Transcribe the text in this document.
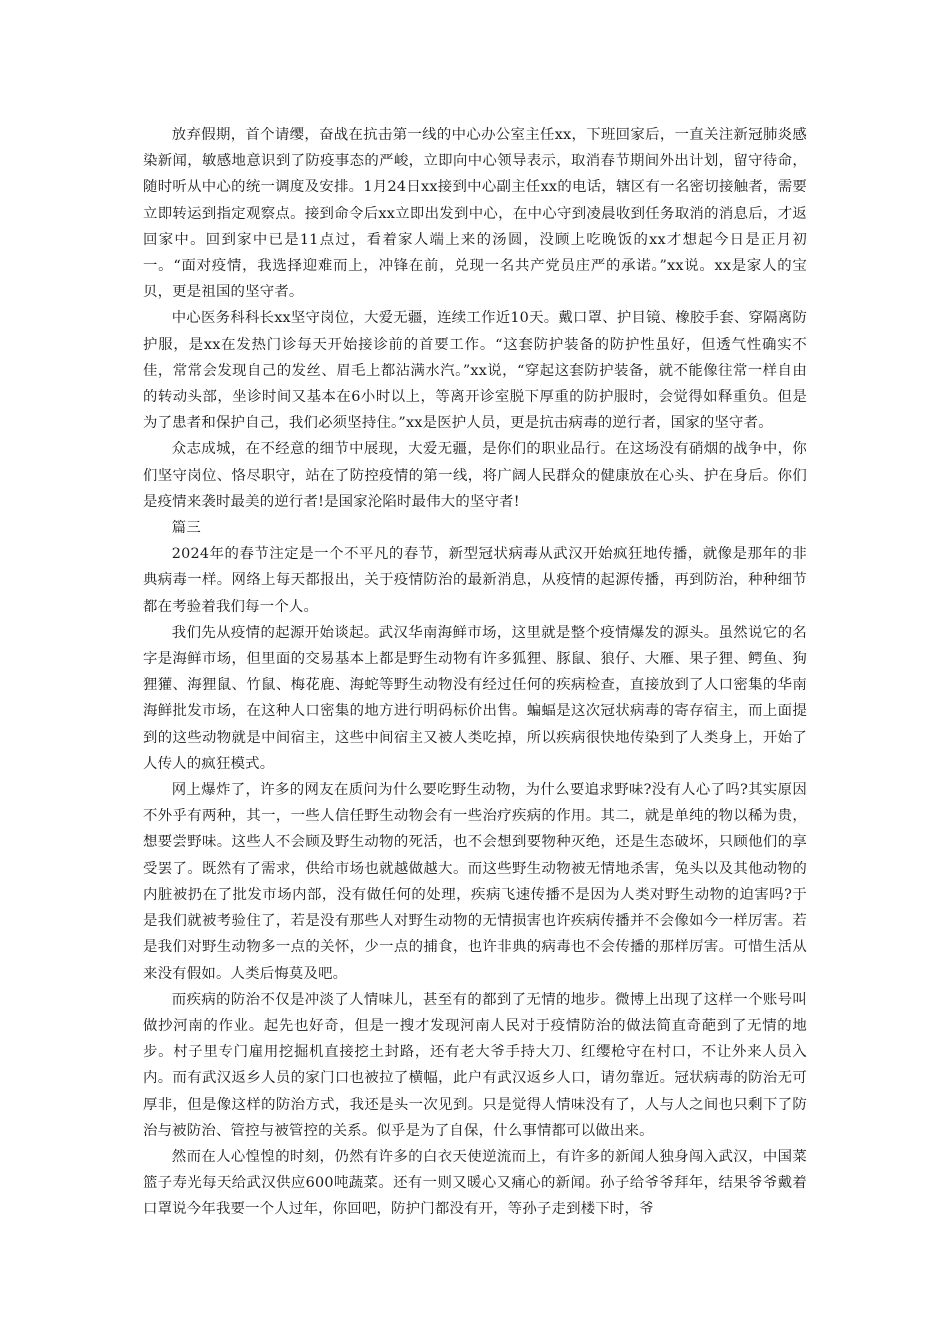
放弃假期，首个请缨，奋战在抗击第一线的中心办公室主任xx，下班回家后，一直关注新冠肺炎感染新闻，敏感地意识到了防疫事态的严峻，立即向中心领导表示，取消春节期间外出计划，留守待命，随时听从中心的统一调度及安排。1月24日xx接到中心副主任xx的电话，辖区有一名密切接触者，需要立即转运到指定观察点。接到命令后xx立即出发到中心，在中心守到凌晨收到任务取消的消息后，才返回家中。回到家中已是11点过，看着家人端上来的汤圆，没顾上吃晚饭的xx才想起今日是正月初一。“面对疫情，我选择迎难而上，冲锋在前，兑现一名共产党员庄严的承诺。”xx说。xx是家人的宝贝，更是祖国的坚守者。

中心医务科科长xx坚守岗位，大爱无疆，连续工作近10天。戴口罩、护目镜、橡胶手套、穿隔离防护服，是xx在发热门诊每天开始接诊前的首要工作。“这套防护装备的防护性虽好，但透气性确实不佳，常常会发现自己的发丝、眉毛上都沾满水汽。”xx说，“穿起这套防护装备，就不能像往常一样自由的转动头部，坐诊时间又基本在6小时以上，等离开诊室脱下厚重的防护服时，会觉得如释重负。但是为了患者和保护自己，我们必须坚持住。”xx是医护人员，更是抗击病毒的逆行者，国家的坚守者。

众志成城，在不经意的细节中展现，大爱无疆，是你们的职业品行。在这场没有硝烟的战争中，你们坚守岗位、恪尽职守，站在了防控疫情的第一线，将广阔人民群众的健康放在心头、护在身后。你们是疫情来袭时最美的逆行者!是国家沦陷时最伟大的坚守者!

篇三

2024年的春节注定是一个不平凡的春节，新型冠状病毒从武汉开始疯狂地传播，就像是那年的非典病毒一样。网络上每天都报出，关于疫情防治的最新消息，从疫情的起源传播，再到防治，种种细节都在考验着我们每一个人。

我们先从疫情的起源开始谈起。武汉华南海鲜市场，这里就是整个疫情爆发的源头。虽然说它的名字是海鲜市场，但里面的交易基本上都是野生动物有许多狐狸、豚鼠、狼仔、大雁、果子狸、鳄鱼、狗狸獾、海狸鼠、竹鼠、梅花鹿、海蛇等野生动物没有经过任何的疾病检查，直接放到了人口密集的华南海鲜批发市场，在这种人口密集的地方进行明码标价出售。蝙蝠是这次冠状病毒的寄存宿主，而上面提到的这些动物就是中间宿主，这些中间宿主又被人类吃掉，所以疾病很快地传染到了人类身上，开始了人传人的疯狂模式。

网上爆炸了，许多的网友在质问为什么要吃野生动物，为什么要追求野味?没有人心了吗?其实原因不外乎有两种，其一，一些人信任野生动物会有一些治疗疾病的作用。其二，就是单纯的物以稀为贵，想要尝野味。这些人不会顾及野生动物的死活，也不会想到要物种灭绝，还是生态破坏，只顾他们的享受罢了。既然有了需求，供给市场也就越做越大。而这些野生动物被无情地杀害，兔头以及其他动物的内脏被扔在了批发市场内部，没有做任何的处理，疾病飞速传播不是因为人类对野生动物的迫害吗?于是我们就被考验住了，若是没有那些人对野生动物的无情损害也许疾病传播并不会像如今一样厉害。若是我们对野生动物多一点的关怀，少一点的捕食，也许非典的病毒也不会传播的那样厉害。可惜生活从来没有假如。人类后悔莫及吧。

而疾病的防治不仅是冲淡了人情味儿，甚至有的都到了无情的地步。微博上出现了这样一个账号叫做抄河南的作业。起先也好奇，但是一搜才发现河南人民对于疫情防治的做法简直奇葩到了无情的地步。村子里专门雇用挖掘机直接挖土封路，还有老大爷手持大刀、红缨枪守在村口，不让外来人员入内。而有武汉返乡人员的家门口也被拉了横幅，此户有武汉返乡人口，请勿靠近。冠状病毒的防治无可厚非，但是像这样的防治方式，我还是头一次见到。只是觉得人情味没有了，人与人之间也只剩下了防治与被防治、管控与被管控的关系。似乎是为了自保，什么事情都可以做出来。

然而在人心惶惶的时刻，仍然有许多的白衣天使逆流而上，有许多的新闻人独身闯入武汉，中国菜篮子寿光每天给武汉供应600吨蔬菜。还有一则又暖心又痛心的新闻。孙子给爷爷拜年，结果爷爷戴着口罩说今年我要一个人过年，你回吧，防护门都没有开，等孙子走到楼下时，爷
